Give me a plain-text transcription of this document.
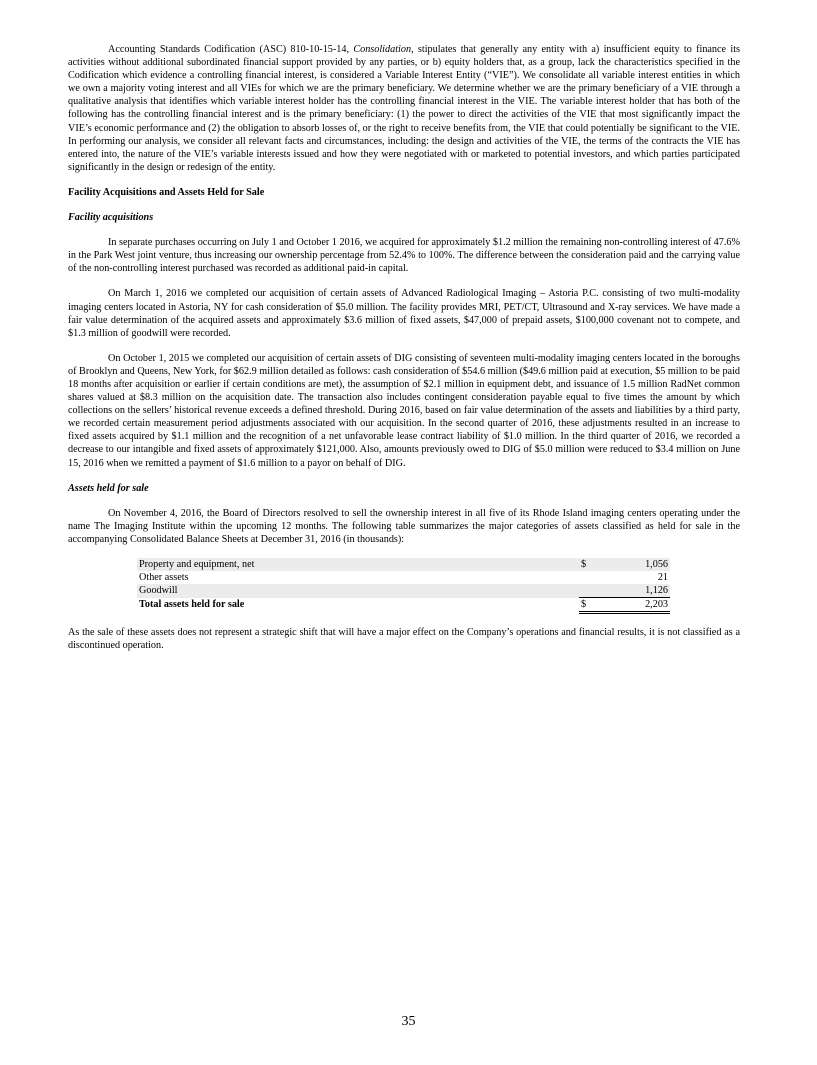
Accounting Standards Codification (ASC) 810-10-15-14, Consolidation, stipulates that generally any entity with a) insufficient equity to finance its activities without additional subordinated financial support provided by any parties, or b) equity holders that, as a group, lack the characteristics specified in the Codification which evidence a controlling financial interest, is considered a Variable Interest Entity (“VIE”). We consolidate all variable interest entities in which we own a majority voting interest and all VIEs for which we are the primary beneficiary. We determine whether we are the primary beneficiary of a VIE through a qualitative analysis that identifies which variable interest holder has the controlling financial interest in the VIE. The variable interest holder that has both of the following has the controlling financial interest and is the primary beneficiary: (1) the power to direct the activities of the VIE that most significantly impact the VIE’s economic performance and (2) the obligation to absorb losses of, or the right to receive benefits from, the VIE that could potentially be significant to the VIE. In performing our analysis, we consider all relevant facts and circumstances, including: the design and activities of the VIE, the terms of the contracts the VIE has entered into, the nature of the VIE’s variable interests issued and how they were negotiated with or marketed to potential investors, and which parties participated significantly in the design or redesign of the entity.

Facility Acquisitions and Assets Held for Sale

Facility acquisitions

In separate purchases occurring on July 1 and October 1 2016, we acquired for approximately $1.2 million the remaining non-controlling interest of 47.6% in the Park West joint venture, thus increasing our ownership percentage from 52.4% to 100%. The difference between the consideration paid and the carrying value of the non-controlling interest purchased was recorded as additional paid-in capital.

On March 1, 2016 we completed our acquisition of certain assets of Advanced Radiological Imaging – Astoria P.C. consisting of two multi-modality imaging centers located in Astoria, NY for cash consideration of $5.0 million. The facility provides MRI, PET/CT, Ultrasound and X-ray services. We have made a fair value determination of the acquired assets and approximately $3.6 million of fixed assets, $47,000 of prepaid assets, $100,000 covenant not to compete, and $1.3 million of goodwill were recorded.

On October 1, 2015 we completed our acquisition of certain assets of DIG consisting of seventeen multi-modality imaging centers located in the boroughs of Brooklyn and Queens, New York, for $62.9 million detailed as follows: cash consideration of $54.6 million ($49.6 million paid at execution, $5 million to be paid 18 months after acquisition or earlier if certain conditions are met), the assumption of $2.1 million in equipment debt, and issuance of 1.5 million RadNet common shares valued at $8.3 million on the acquisition date. The transaction also includes contingent consideration payable equal to five times the amount by which collections on the sellers’ historical revenue exceeds a defined threshold. During 2016, based on fair value determination of the assets and liabilities by a third party, we recorded certain measurement period adjustments associated with our acquisition. In the second quarter of 2016, these adjustments resulted in an increase to fixed assets acquired by $1.1 million and the recognition of a net unfavorable lease contract liability of $1.0 million. In the third quarter of 2016, we recorded a decrease to our intangible and fixed assets of approximately $121,000. Also, amounts previously owed to DIG of $5.0 million were reduced to $3.4 million on June 15, 2016 when we remitted a payment of $1.6 million to a payor on behalf of DIG.

Assets held for sale

On November 4, 2016, the Board of Directors resolved to sell the ownership interest in all five of its Rhode Island imaging centers operating under the name The Imaging Institute within the upcoming 12 months. The following table summarizes the major categories of assets classified as held for sale in the accompanying Consolidated Balance Sheets at December 31, 2016 (in thousands):

Property and equipment, net	$	1,056
Other assets		21
Goodwill		1,126
Total assets held for sale	$	2,203

As the sale of these assets does not represent a strategic shift that will have a major effect on the Company’s operations and financial results, it is not classified as a discontinued operation.

35
